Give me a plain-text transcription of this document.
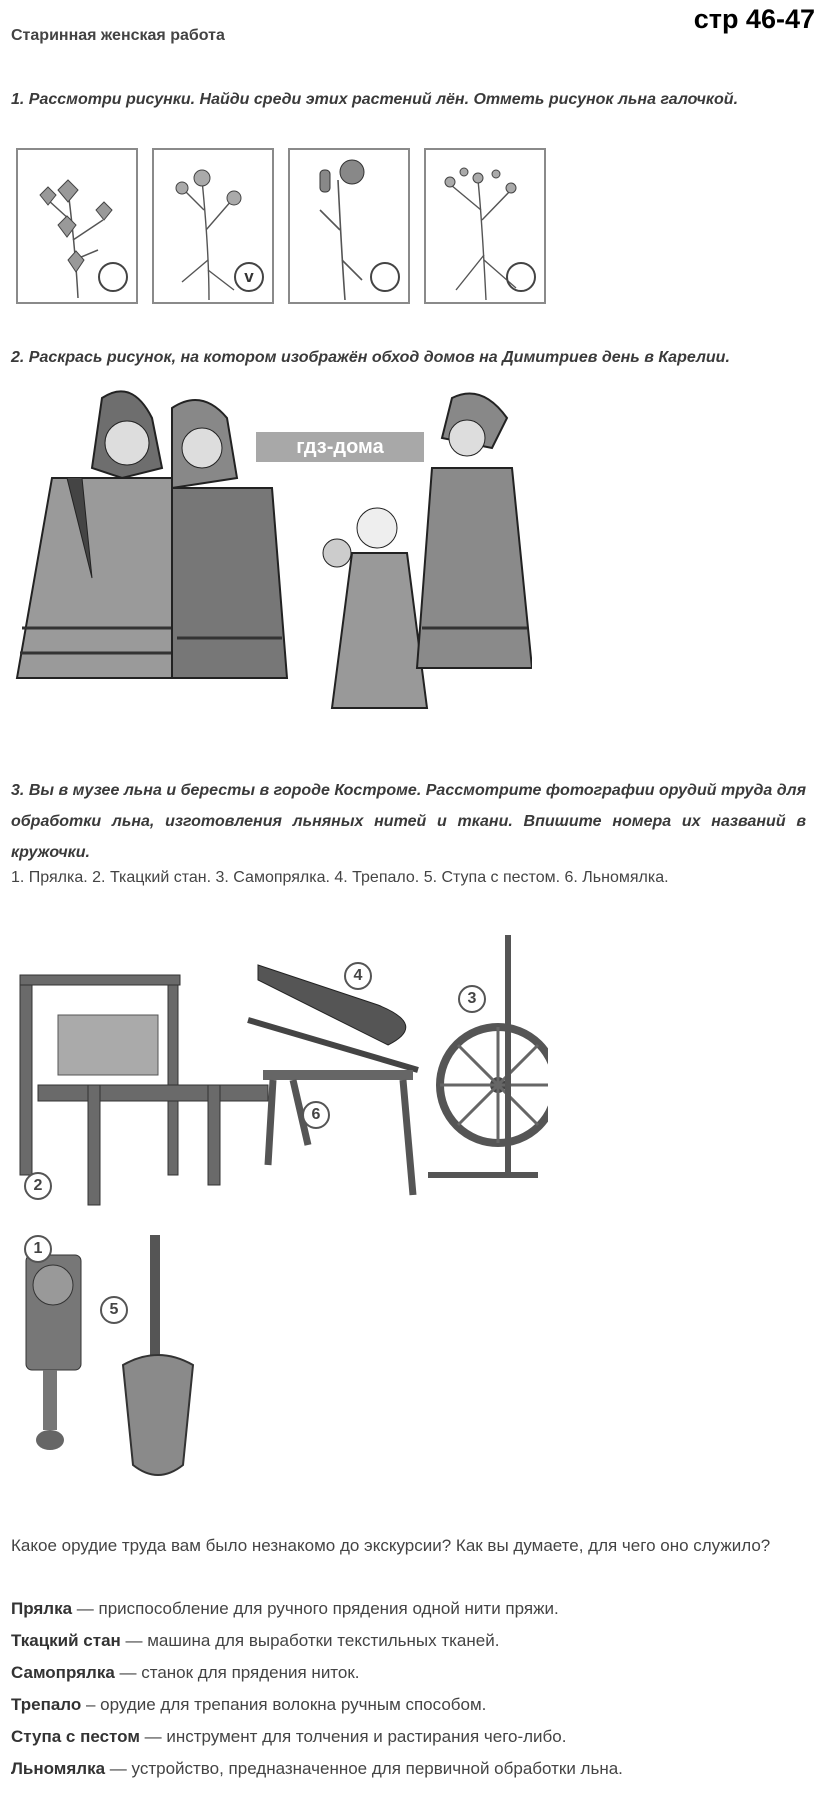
стр 46-47
Старинная женская работа
1. Рассмотри рисунки. Найди среди этих растений лён. Отметь рисунок льна галочкой.
v
2. Раскрась рисунок, на котором изображён обход домов на Димитриев день в Карелии.
гдз-дома
3. Вы в музее льна и бересты в городе Костроме. Рассмотрите фотографии орудий труда для обработки льна, изготовления льняных нитей и ткани. Впишите номера их названий в кружочки.
1. Прялка. 2. Ткацкий стан. 3. Самопрялка. 4. Трепало. 5. Ступа с пестом. 6. Льномялка.
4
3
6
2
1
5
Какое орудие труда вам было незнакомо до экскурсии? Как вы думаете, для чего оно служило?
Прялка — приспособление для ручного прядения одной нити пряжи.
Ткацкий стан — машина для выработки текстильных тканей.
Самопрялка — станок для прядения ниток.
Трепало – орудие для трепания волокна ручным способом.
Ступа с пестом — инструмент для толчения и растирания чего-либо.
Льномялка — устройство, предназначенное для первичной обработки льна.
